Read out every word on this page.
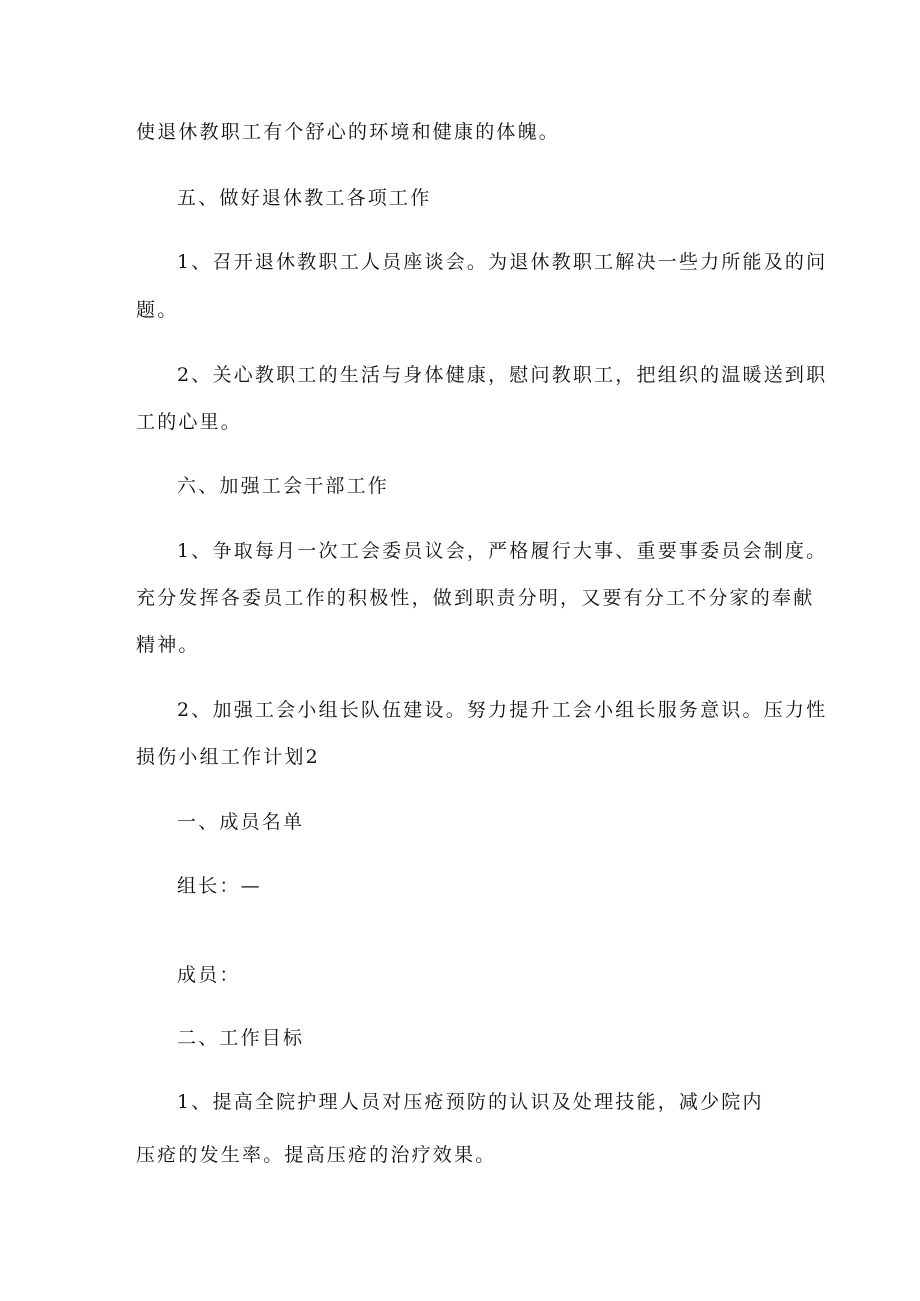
使退休教职工有个舒心的环境和健康的体魄。
五、做好退休教工各项工作
1、召开退休教职工人员座谈会。为退休教职工解决一些力所能及的问
题。
2、关心教职工的生活与身体健康，慰问教职工，把组织的温暖送到职
工的心里。
六、加强工会干部工作
1、争取每月一次工会委员议会，严格履行大事、重要事委员会制度。
充分发挥各委员工作的积极性，做到职责分明，又要有分工不分家的奉献
精神。
2、加强工会小组长队伍建设。努力提升工会小组长服务意识。压力性
损伤小组工作计划2
一、成员名单
组长：—
成员：
二、工作目标
1、提高全院护理人员对压疮预防的认识及处理技能，减少院内
压疮的发生率。提高压疮的治疗效果。
